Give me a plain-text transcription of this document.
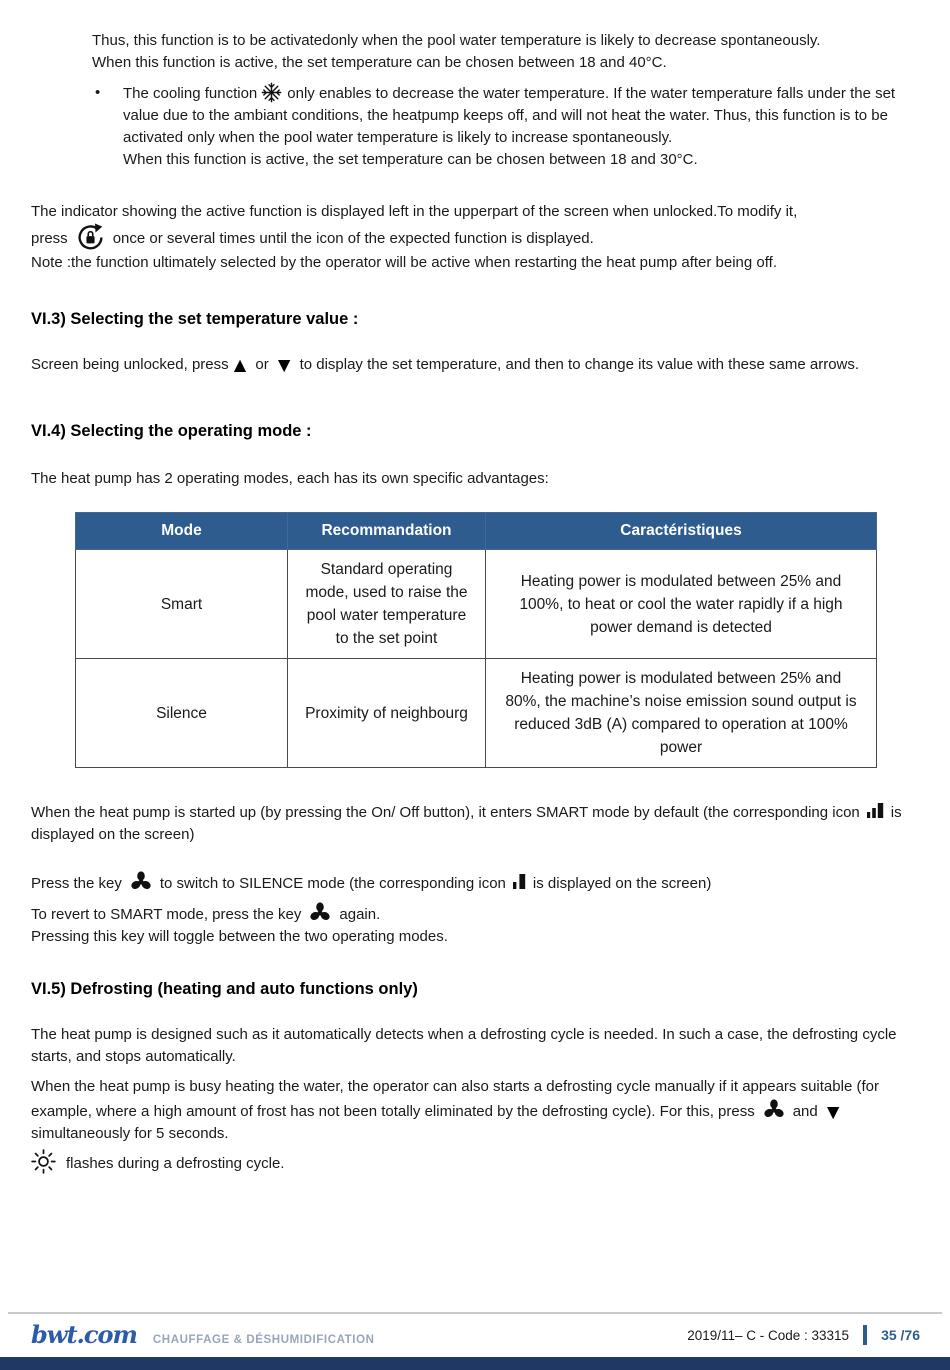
Thus, this function is to be activatedonly when the pool water temperature is likely to decrease spontaneously.
When this function is active, the set temperature can be chosen between 18 and 40°C.
•	The cooling function only enables to decrease the water temperature. If the water temperature falls under the set value due to the ambiant conditions, the heatpump keeps off, and will not heat the water. Thus, this function is to be activated only when the pool water temperature is likely to increase spontaneously.
When this function is active, the set temperature can be chosen between 18 and 30°C.
The indicator showing the active function is displayed left in the upperpart of the screen when unlocked.To modify it,
press	once or several times until the icon of the expected function is displayed.
Note :the function ultimately selected by the operator will be active when restarting the heat pump after being off.
VI.3) Selecting the set temperature value :
Screen being unlocked, press▲ or ▼ to display the set temperature, and then to change its value with these same arrows.
VI.4) Selecting the operating mode :
The heat pump has 2 operating modes, each has its own specific advantages:
Mode	Recommandation	Caractéristiques
Smart	Standard operating mode, used to raise the pool water temperature to the set point	Heating power is modulated between 25% and 100%, to heat or cool the water rapidly if a high power demand is detected
Silence	Proximity of neighbourg	Heating power is modulated between 25% and 80%, the machine’s noise emission sound output is reduced 3dB (A) compared to operation at 100% power
When the heat pump is started up (by pressing the On/ Off button), it enters SMART mode by default (the corresponding icon is displayed on the screen)
Press the key	to switch to SILENCE mode (the corresponding icon is displayed on the screen)
To revert to SMART mode, press the key	again.
Pressing this key will toggle between the two operating modes.
VI.5) Defrosting (heating and auto functions only)
The heat pump is designed such as it automatically detects when a defrosting cycle is needed. In such a case, the defrosting cycle starts, and stops automatically.
When the heat pump is busy heating the water, the operator can also starts a defrosting cycle manually if it appears suitable (for example, where a high amount of frost has not been totally eliminated by the defrosting cycle). For this, press	and ▼simultaneously for 5 seconds.
flashes during a defrosting cycle.
bwt.com CHAUFFAGE & DÉSHUMIDIFICATION	2019/11– C - Code : 33315 35 /76
